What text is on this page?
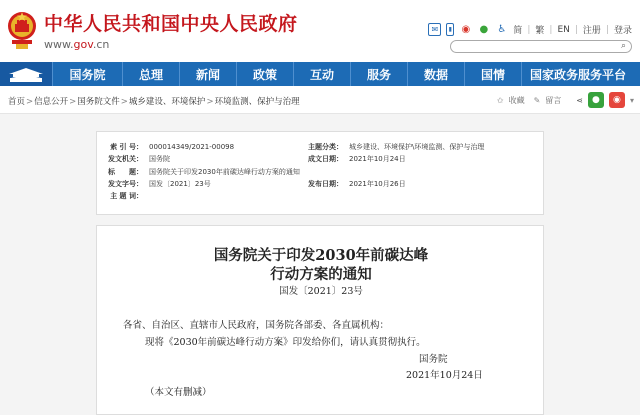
中华人民共和国中央人民政府
www.gov.cn
✉	▮ ◉ ● ♿ 简 | 繁 | EN | 注册 | 登录
⌕
国务院	总理	新闻	政策	互动	服务	数据	国情	国家政务服务平台
首页>信息公开>国务院文件>城乡建设、环境保护>环境监测、保护与治理	✩ 收藏 ✎ 留言 ⋖	●	◉	▾
索 引 号： 000014349/2021-00098	主题分类： 城乡建设、环境保护\环境监测、保护与治理
发文机关： 国务院	成文日期： 2021年10月24日
标　　题： 国务院关于印发2030年前碳达峰行动方案的通知
发文字号： 国发〔2021〕23号	发布日期： 2021年10月26日
主 题 词：
国务院关于印发2030年前碳达峰
行动方案的通知
国发〔2021〕23号
各省、自治区、直辖市人民政府，国务院各部委、各直属机构：
现将《2030年前碳达峰行动方案》印发给你们，请认真贯彻执行。
国务院
2021年10月24日
（本文有删减）
